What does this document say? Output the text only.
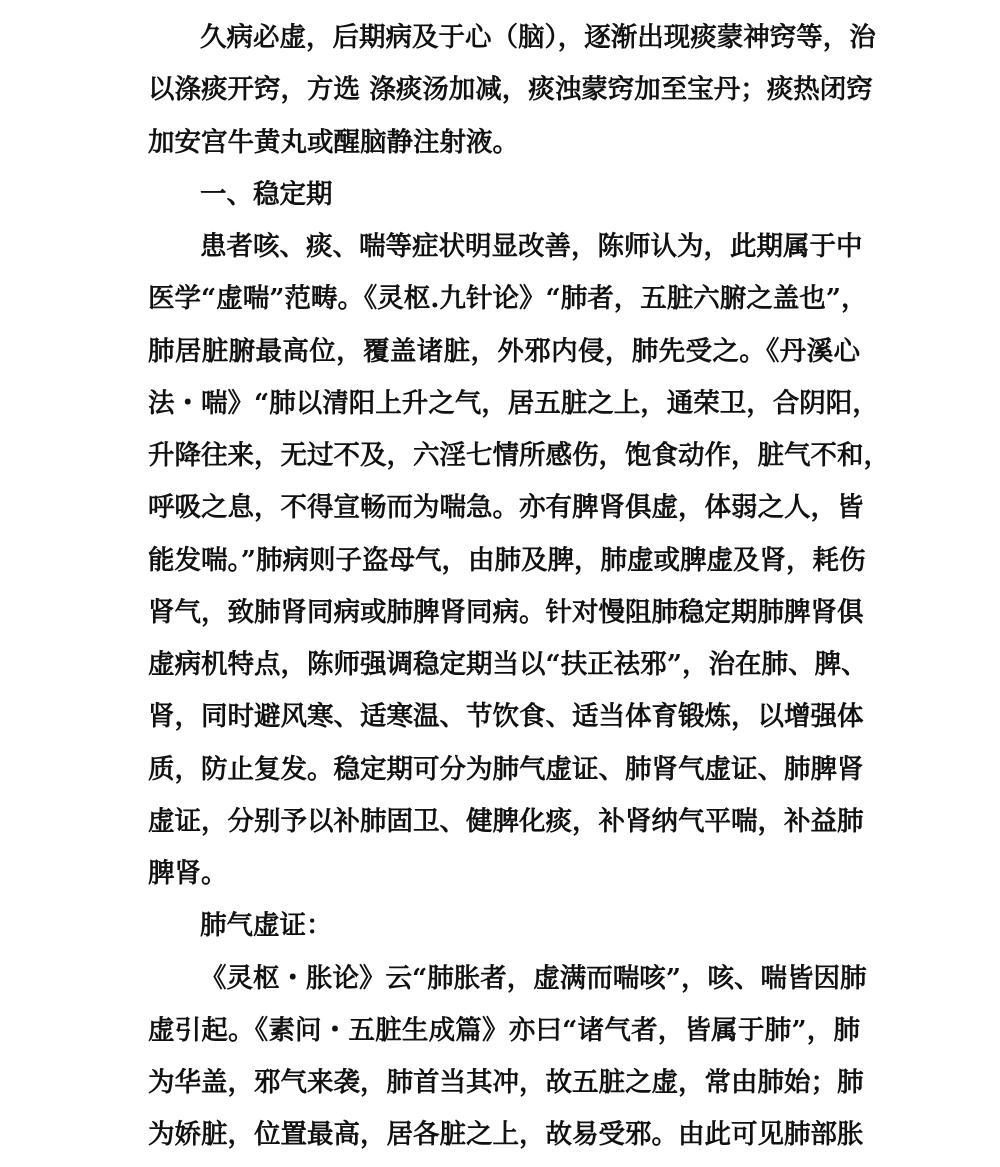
久病必虚，后期病及于心（脑），逐渐出现痰蒙神窍等，治
以涤痰开窍，方选 涤痰汤加减，痰浊蒙窍加至宝丹；痰热闭窍
加安宫牛黄丸或醒脑静注射液。
一、稳定期
患者咳、痰、喘等症状明显改善，陈师认为，此期属于中
医学“虚喘”范畴。《灵枢.九针论》“肺者，五脏六腑之盖也”，
肺居脏腑最高位，覆盖诸脏，外邪内侵，肺先受之。《丹溪心
法・喘》“肺以清阳上升之气，居五脏之上，通荣卫，合阴阳，
升降往来，无过不及，六淫七情所感伤，饱食动作，脏气不和，
呼吸之息，不得宣畅而为喘急。亦有脾肾俱虚，体弱之人，皆
能发喘。”肺病则子盗母气，由肺及脾，肺虚或脾虚及肾，耗伤
肾气，致肺肾同病或肺脾肾同病。针对慢阻肺稳定期肺脾肾俱
虚病机特点，陈师强调稳定期当以“扶正祛邪”，治在肺、脾、
肾，同时避风寒、适寒温、节饮食、适当体育锻炼，以增强体
质，防止复发。稳定期可分为肺气虚证、肺肾气虚证、肺脾肾
虚证，分别予以补肺固卫、健脾化痰，补肾纳气平喘，补益肺
脾肾。
肺气虚证：
《灵枢・胀论》云“肺胀者，虚满而喘咳”，咳、喘皆因肺
虚引起。《素问・五脏生成篇》亦曰“诸气者，皆属于肺”，肺
为华盖，邪气来袭，肺首当其冲，故五脏之虚，常由肺始；肺
为娇脏，位置最高，居各脏之上，故易受邪。由此可见肺部胀
